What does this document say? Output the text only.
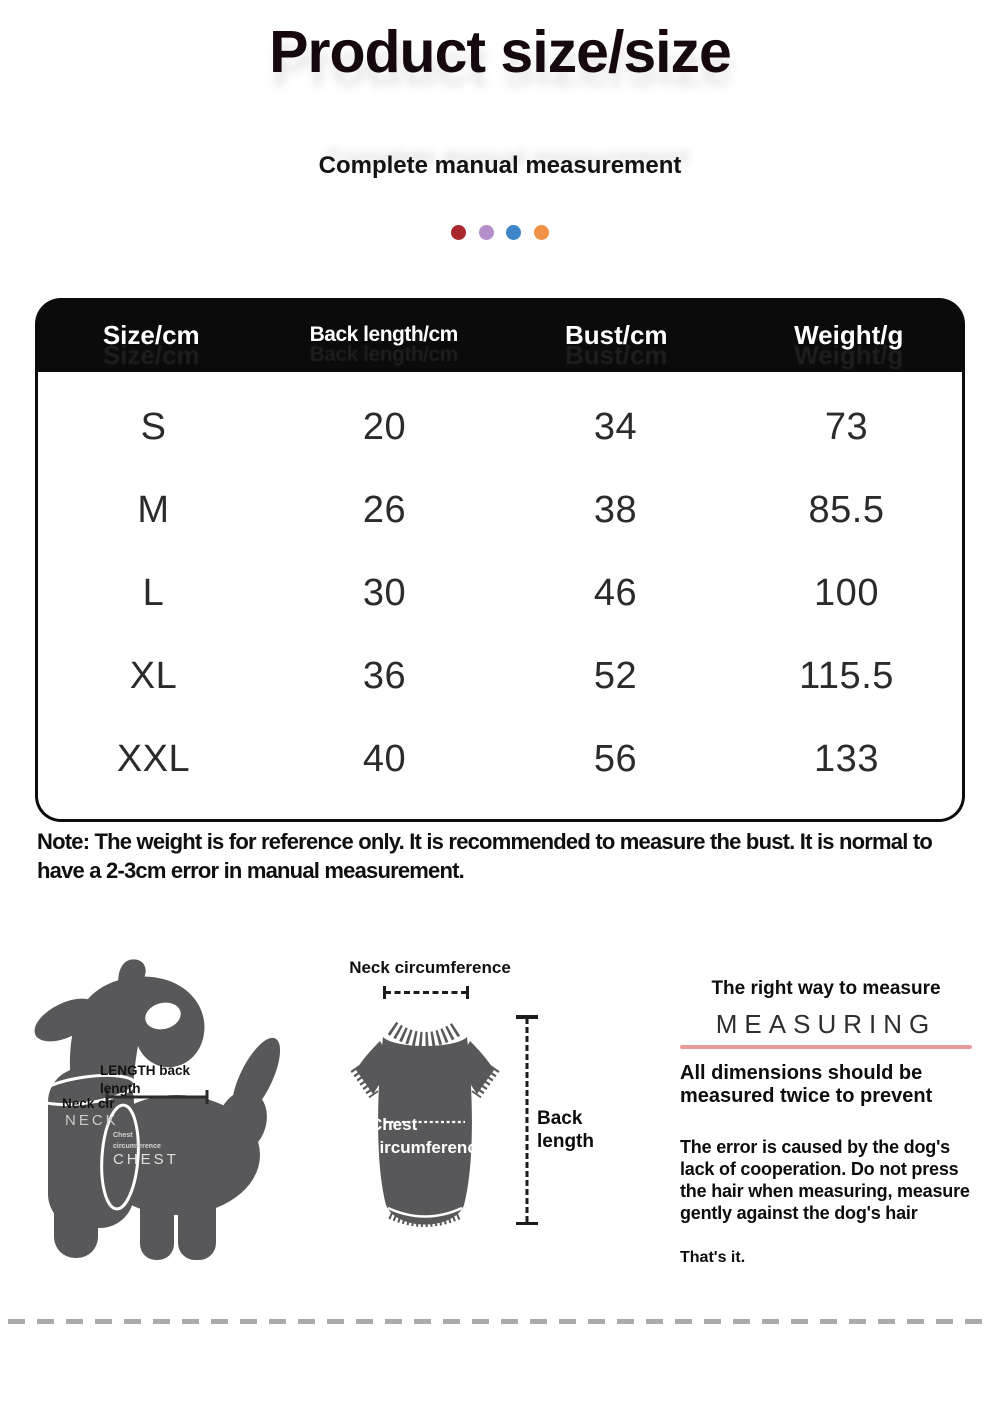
Product size/size
Complete manual measurement

Size/cm	Back length/cm	Bust/cm	Weight/g
S	20	34	73
M	26	38	85.5
L	30	46	100
XL	36	52	115.5
XXL	40	56	133

Note: The weight is for reference only. It is recommended to measure the bust. It is normal to have a 2-3cm error in manual measurement.

LENGTH back length
Neck cir
NECK
Chest circumference
CHEST
Neck circumference
Chest circumference
Back length
The right way to measure
MEASURING

All dimensions should be measured twice to prevent

The error is caused by the dog's lack of cooperation. Do not press the hair when measuring, measure gently against the dog's hair

That's it.
